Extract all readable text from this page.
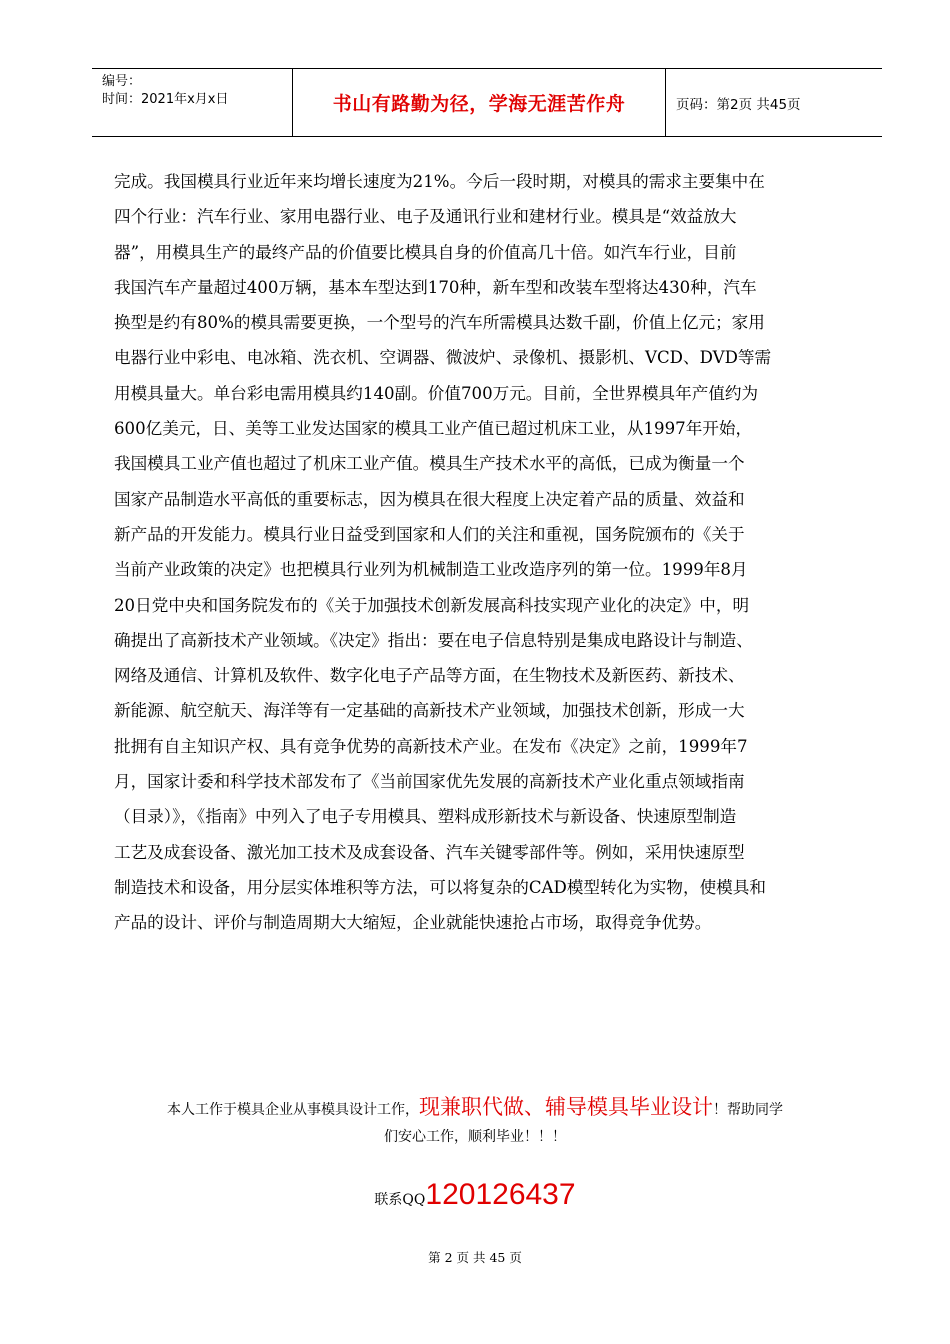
编号：
时间：2021年x月x日	书山有路勤为径，学海无涯苦作舟	页码：第2页 共45页
完成。我国模具行业近年来均增长速度为21%。今后一段时期，对模具的需求主要集中在
四个行业：汽车行业、家用电器行业、电子及通讯行业和建材行业。模具是“效益放大
器”，用模具生产的最终产品的价值要比模具自身的价值高几十倍。如汽车行业，目前
我国汽车产量超过400万辆，基本车型达到170种，新车型和改装车型将达430种，汽车
换型是约有80%的模具需要更换，一个型号的汽车所需模具达数千副，价值上亿元；家用
电器行业中彩电、电冰箱、洗衣机、空调器、微波炉、录像机、摄影机、VCD、DVD等需
用模具量大。单台彩电需用模具约140副。价值700万元。目前，全世界模具年产值约为
600亿美元，日、美等工业发达国家的模具工业产值已超过机床工业，从1997年开始，
我国模具工业产值也超过了机床工业产值。模具生产技术水平的高低，已成为衡量一个
国家产品制造水平高低的重要标志，因为模具在很大程度上决定着产品的质量、效益和
新产品的开发能力。模具行业日益受到国家和人们的关注和重视，国务院颁布的《关于
当前产业政策的决定》也把模具行业列为机械制造工业改造序列的第一位。1999年8月
20日党中央和国务院发布的《关于加强技术创新发展高科技实现产业化的决定》中，明
确提出了高新技术产业领域。《决定》指出：要在电子信息特别是集成电路设计与制造、
网络及通信、计算机及软件、数字化电子产品等方面，在生物技术及新医药、新技术、
新能源、航空航天、海洋等有一定基础的高新技术产业领域，加强技术创新，形成一大
批拥有自主知识产权、具有竞争优势的高新技术产业。在发布《决定》之前，1999年7
月，国家计委和科学技术部发布了《当前国家优先发展的高新技术产业化重点领域指南
（目录）》，《指南》中列入了电子专用模具、塑料成形新技术与新设备、快速原型制造
工艺及成套设备、激光加工技术及成套设备、汽车关键零部件等。例如，采用快速原型
制造技术和设备，用分层实体堆积等方法，可以将复杂的CAD模型转化为实物，使模具和
产品的设计、评价与制造周期大大缩短，企业就能快速抢占市场，取得竞争优势。
本人工作于模具企业从事模具设计工作，现兼职代做、辅导模具毕业设计！帮助同学
们安心工作，顺利毕业！！！
联系QQ120126437
第 2 页 共 45 页
